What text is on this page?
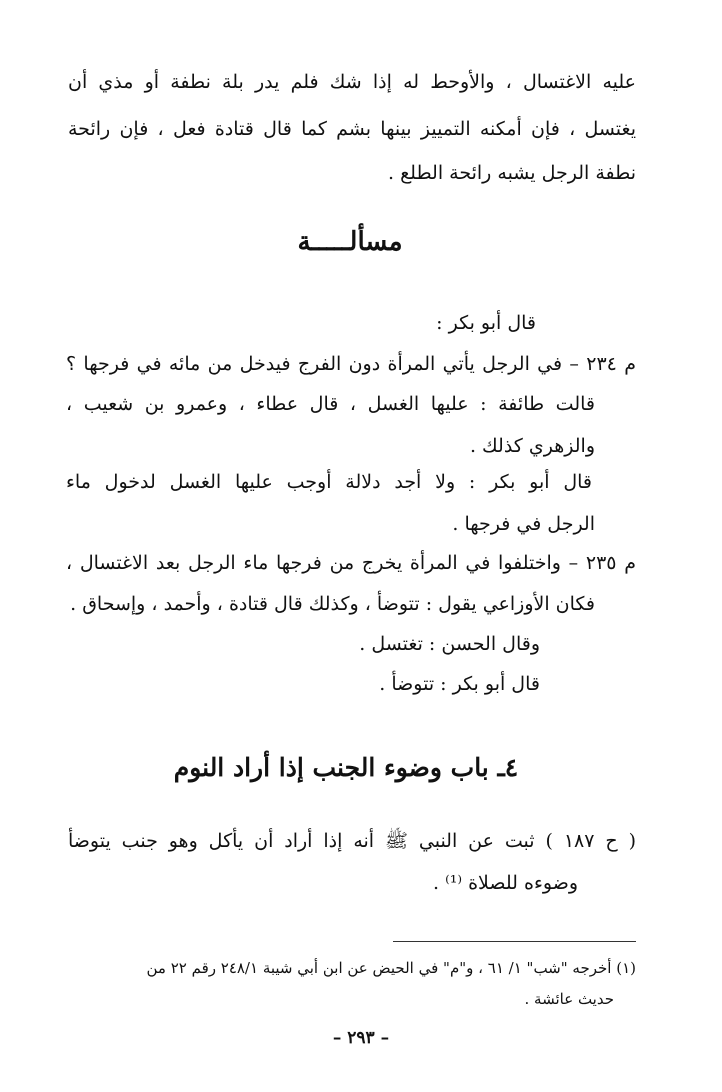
عليه الاغتسال ، والأوحط له إذا شك فلم يدر بلة نطفة أو مذي أن
يغتسل ، فإن أمكنه التمييز بينها بشم كما قال قتادة فعل ، فإن رائحة
نطفة الرجل يشبه رائحة الطلع .
مسألـــــة
قال أبو بكر :
م ٢٣٤ – في الرجل يأتي المرأة دون الفرج فيدخل من مائه في فرجها ؟
قالت طائفة : عليها الغسل ، قال عطاء ، وعمرو بن شعيب ،
والزهري كذلك .
قال أبو بكر : ولا أجد دلالة أوجب عليها الغسل لدخول ماء
الرجل في فرجها .
م ٢٣٥ – واختلفوا في المرأة يخرج من فرجها ماء الرجل بعد الاغتسال ،
فكان الأوزاعي يقول : تتوضأ ، وكذلك قال قتادة ، وأحمد ، وإسحاق .
وقال الحسن : تغتسل .
قال أبو بكر : تتوضأ .
٤ـ باب وضوء الجنب إذا أراد النوم
( ح ١٨٧ ) ثبت عن النبي ﷺ أنه إذا أراد أن يأكل وهو جنب يتوضأ
وضوءه للصلاة ⁽¹⁾ .
(١) أخرجه "شب" ١/ ٦١ ، و"م" في الحيض عن ابن أبي شيبة ٢٤٨/١ رقم ٢٢ من
حديث عائشة .
– ٢٩٣ –
